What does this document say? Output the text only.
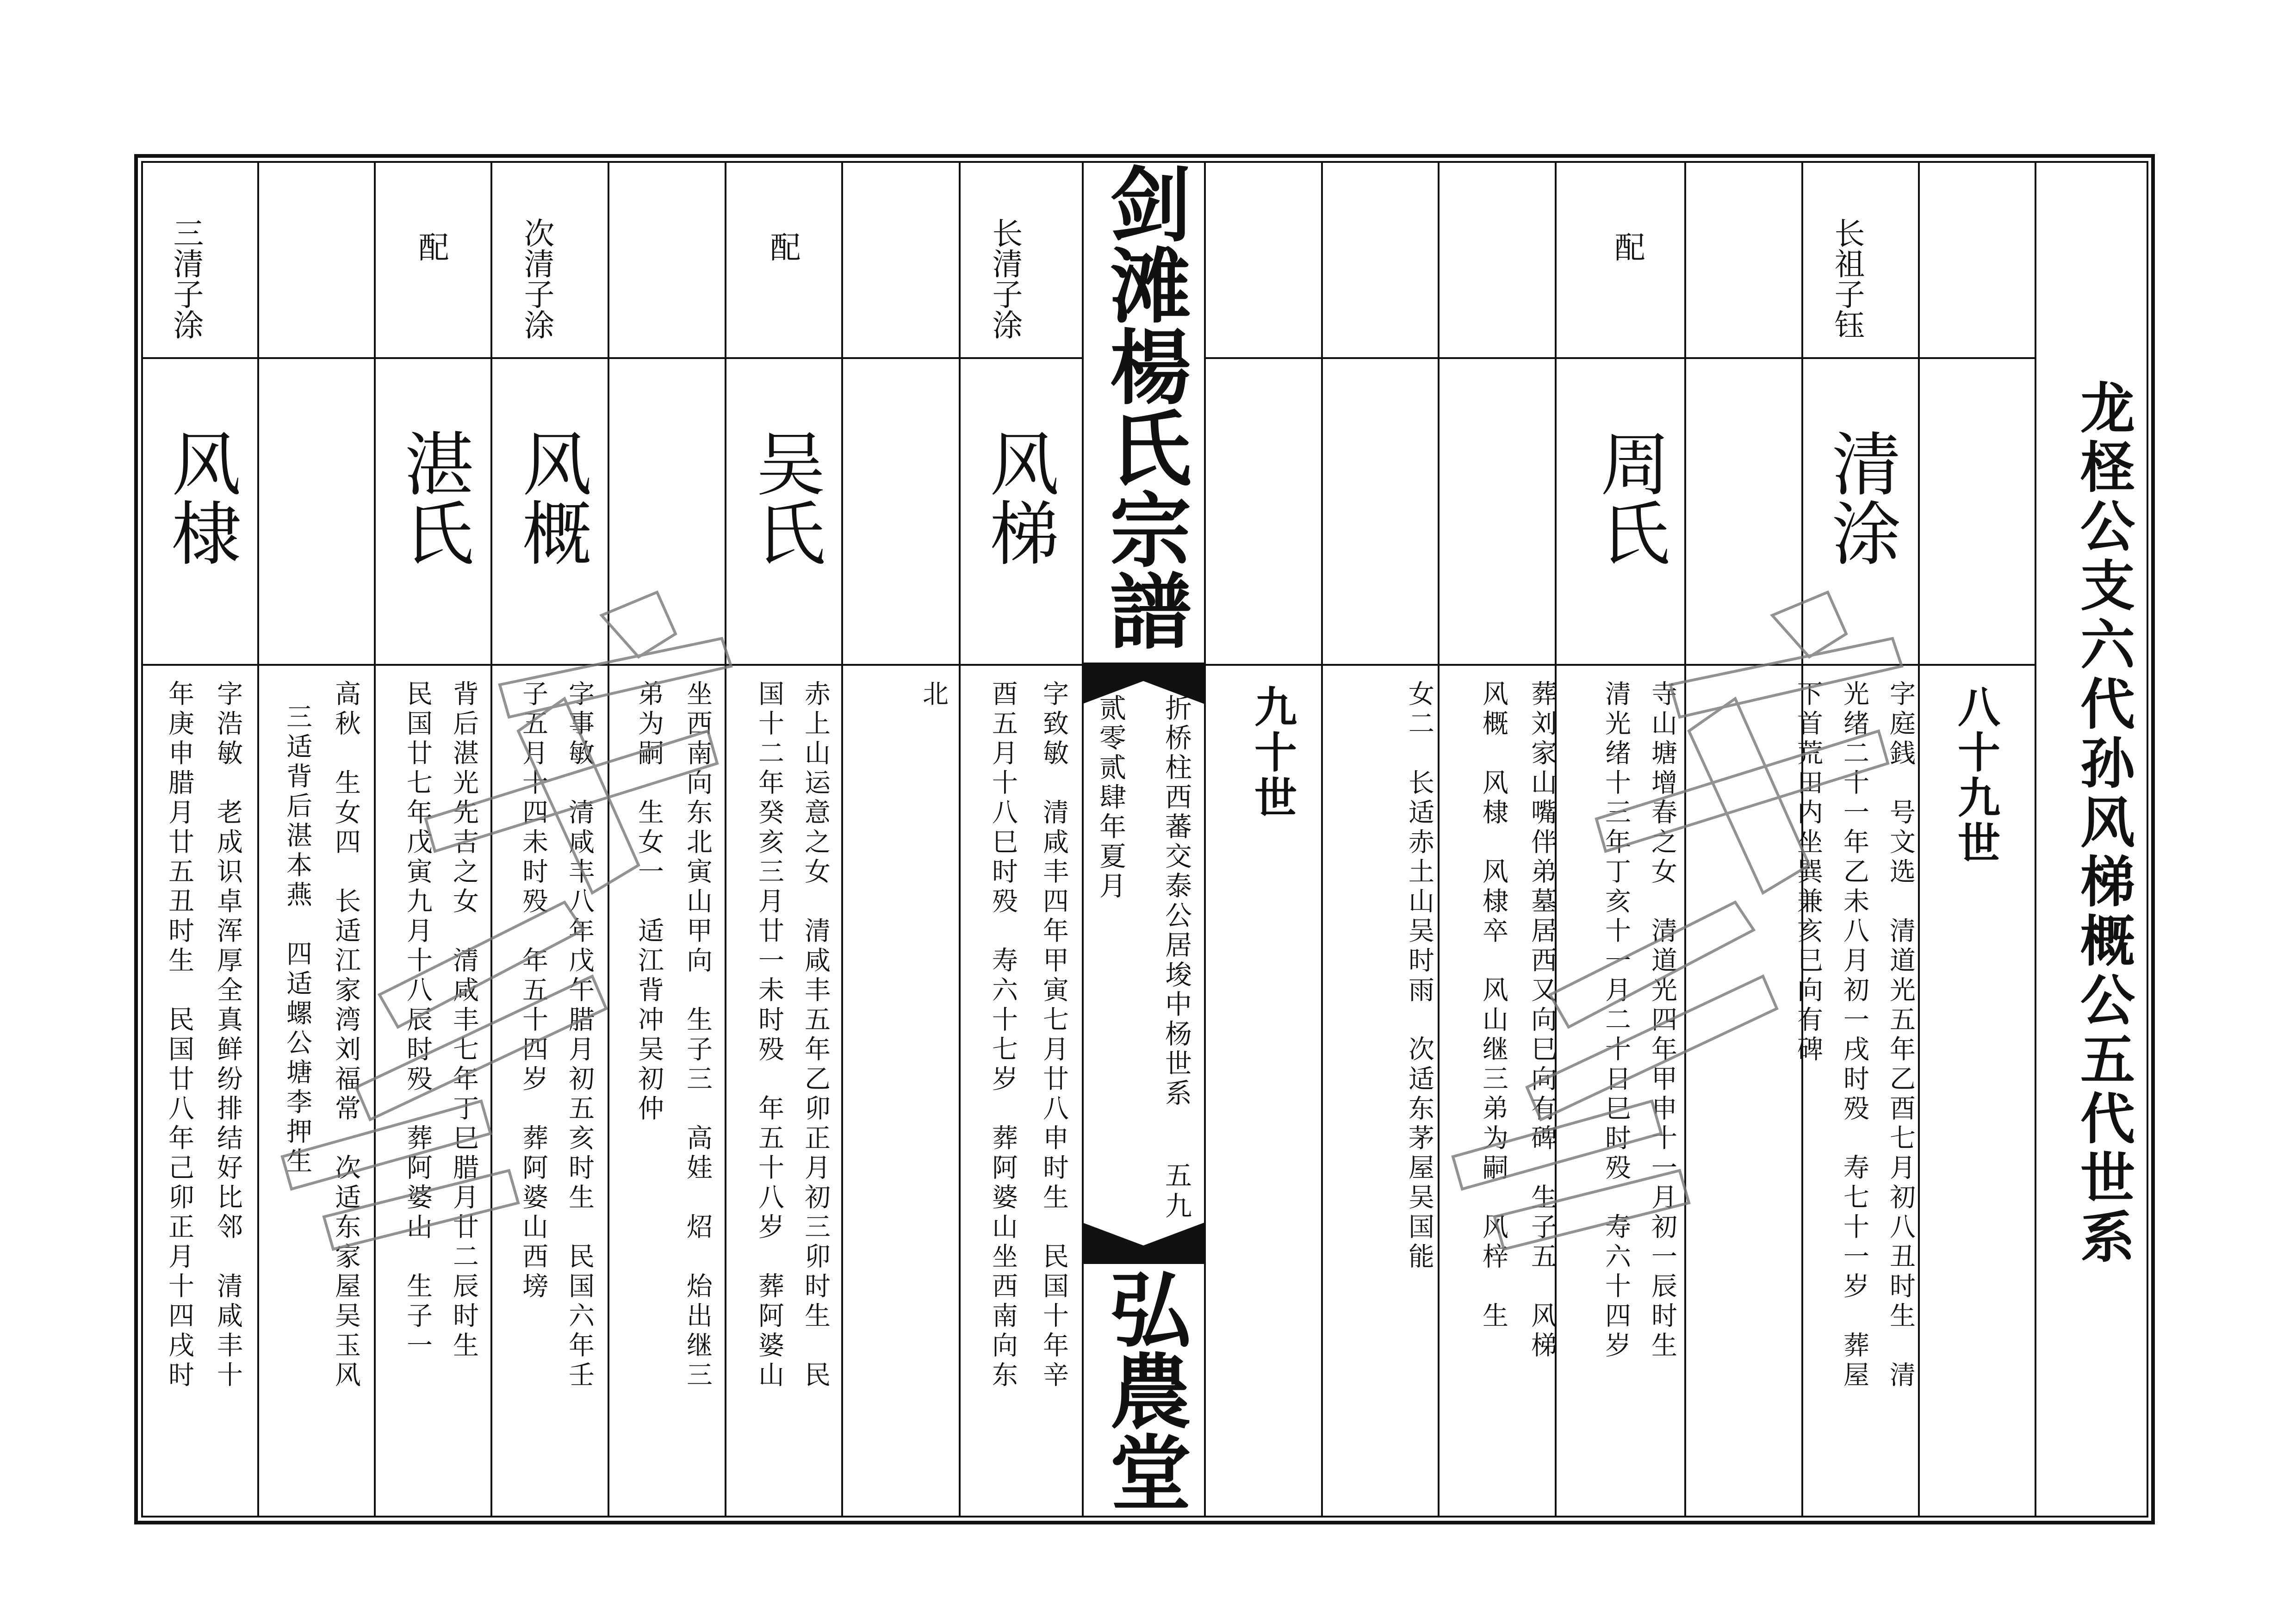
剑滩楊氏宗譜
折桥柱西蕃交泰公居埈中杨世系
五九
贰零贰肆年夏月
弘農堂
龙柽公支六代孙风梯概公五代世系
八十九世
九十世
长祖子钰
清涂
字庭銭　号文选　清道光五年乙酉七月初八丑时生　清
光绪二十一年乙未八月初一戌时殁　寿七十一岁　葬屋
下首荒田内坐巽兼亥巳向有碑
配
周氏
寺山塘增春之女　清道光四年甲申十一月初一辰时生
清光绪十三年丁亥十一月二十日巳时殁　寿六十四岁
葬刘家山嘴伴弟墓居西又向巳向有碑　生子五　风梯
风概　风棣　风棣卒　风山继三弟为嗣　风梓　生
女二　长适赤土山吴时雨　次适东茅屋吴国能
长清子涂
风梯
字致敏　清咸丰四年甲寅七月廿八申时生　民国十年辛
酉五月十八巳时殁　寿六十七岁　葬阿婆山坐西南向东
北
配
吴氏
赤上山运意之女　清咸丰五年乙卯正月初三卯时生　民
国十二年癸亥三月廿一未时殁　年五十八岁　葬阿婆山
坐西南向东北寅山甲向　生子三　高娃　炤　炲出继三
弟为嗣　生女一　适江背冲吴初仲
次清子涂
风概
字事敏　清咸丰八年戊午腊月初五亥时生　民国六年壬
子五月十四未时殁　年五十四岁　葬阿婆山西塝
配
湛氏
背后湛光先吉之女　清咸丰七年丁巳腊月廿二辰时生
民国廿七年戊寅九月十八辰时殁　葬阿婆山　生子一
高秋　生女四　长适江家湾刘福常　次适东家屋吴玉风
三适背后湛本燕　四适螺公塘李押生
三清子涂
风棣
字浩敏　老成识卓浑厚全真鲜纷排结好比邻　清咸丰十
年庚申腊月廿五丑时生　民国廿八年己卯正月十四戌时
